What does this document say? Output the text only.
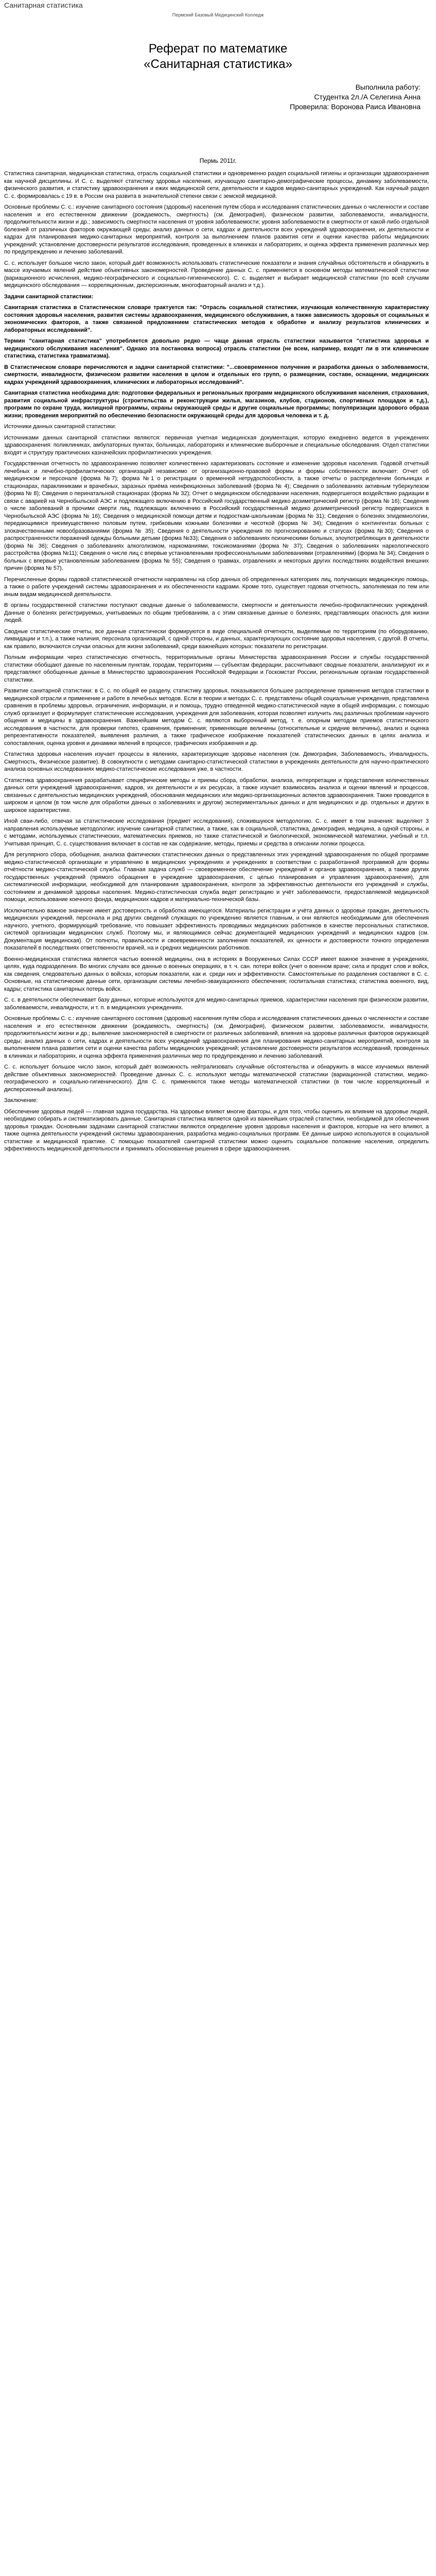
Санитарная статистика
Пермский Базовый Медицинский Колледж
Реферат по математике
«Санитарная статистика»
Выполнила работу:
Студентка 2л./А Селегина Анна
Проверила: Воронова Раиса Ивановна
Пермь 2011г.

Статистика санитарная, медицинская статистика, отрасль социальной статистики и одновременно раздел социальной гигиены и организации здравоохранения как научной дисциплины. И С. с. выделяют статистику здоровья населения, изучающую санитарно-демографические процессы, динамику заболеваемости, физического развития, и статистику здравоохранения и ежих медицинской сети, деятельности и кадров медико-санитарных учреждений. Как научный раздел С. с. формировалась с 19 в. в России она развита в значительной степени связи с земской медициной.

Основные проблемы С. с.: изучение санитарного состояния (здоровья) населения путём сбора и исследования статистических данных о численности и составе населения и его естественном движении (рождаемость, смертность) (см. Демография), физическом развитии, заболеваемости, инвалидности, продолжительности жизни и др.; зависимость смертности населения от уровня заболеваемости; уровня заболеваемости в смертности от какой-либо отдельной болезней от различных факторов окружающей среды; анализ данных о сети, кадрах и деятельности всех учреждений здравоохранения, их деятельности и кадрах для планирования медико-санитарных мероприятий, контроля за выполнением планов развития сети и оценки качества работы медицинских учреждений; установление достоверности результатов исследования, проведенных в клиниках и лабораториях, и оценка эффекта применения различных мер по предупреждению и лечению заболеваний.

С. с. использует большое число закон, который даёт возможность использовать статистические показатели и знания случайных обстоятельств и обнаружить в массе изучаемых явлений действие объективных закономерностей. Проведение данных С. с. применяется в основном методы математической статистики (вариационного исчисления, медико-географического и социально-гигиенического). С. с. выделяет и выбирает медицинской статистики (по всей случаям медицинского обследования — корреляционным, дисперсионным, многофакторный анализ и т.д.).

Задачи санитарной статистики:

Санитарная статистика в Статистическом словаре трактуется так: "Отрасль социальной статистики, изучающая количественную характеристику состояния здоровья населения, развития системы здравоохранения, медицинского обслуживания, а также зависимость здоровья от социальных и экономических факторов, а также связанной предложением статистических методов к обработке и анализу результатов клинических и лабораторных исследований".

Термин "санитарная статистика" употребляется довольно редко — чаще данная отрасль статистики называется "статистика здоровья и медицинского обслуживания населения". Однако эта постановка вопроса) отрасль статистики (не всем, например, входят ли в эти клинические статистика, статистика травматизма).

В Статистическом словаре перечисляются и задачи санитарной статистики: "...своевременное получение и разработка данных о заболеваемости, смертности, инвалидности, физическом развитии населения в целом и отдельных его групп, о размещении, составе, оснащении, медицинских кадрах учреждений здравоохранения, клинических и лабораторных исследований".

Санитарная статистика необходима для: подготовки федеральных и региональных программ медицинского обслуживания населения, страхования, развития социальной инфраструктуры (строительства и реконструкции жилья, магазинов, клубов, стадионов, спортивных площадок и т.д.), программ по охране труда, жилищной программы, охраны окружающей среды и другие социальные программы; популяризации здорового образа жизни; проведения мероприятий по обеспечению безопасности окружающей среды для здоровья человека и т. д.

Источники данных санитарной статистики:

Источниками данных санитарной статистики являются: первичная учетная медицинская документация, которую ежедневно ведется в учреждениях здравоохранения: поликлиниках, амбулаторных пунктах, больницах, лабораториях и клинические выборочные и специальные обследования. Отдел статистики входят и структуру практических казначейских профилактических учреждения.

Государственная отчетность по здравоохранению позволяет количественно характеризовать состояние и изменение здоровья населения. Годовой отчетный лечебных и лечебно-профилактических организаций независимо от организационно-правовой формы и формы собственности включает: Отчет об медицинском и персонале (форма №7); форма №1 о регистрации о временной нетрудоспособности, а также отчеты о распределении больницах и стационарах, параклиниками и врачебных, заразных приёма неинфекционных заболеваний (форма № 4); Сведения о заболеваниях активным туберкулезом (форма № 8); Сведения о перинатальной стационарах (форма № 32); Отчет о медицинском обследовании населения, подвергшегося воздействию радиации в связи с аварией на Чернобыльской АЭС и подлежащего включению в Российский государственный медико дозиметрический регистр (форма № 16); Сведения о числе заболеваний в прочими смерти лиц, подлежащих включению в Российский государственный медико дозиметрический регистр подвергшихся в Чернобыльской АЭС (форма № 16); Сведения о медицинской помощи детям и подросткам-школьникам (форма № 31); Сведения о болезнях эпидемиологии, передающимися преимущественно половым путем, грибковыми кожными болезнями и чесоткой (форма № 34); Сведения о контингентах больных с злокачественными новообразованиями (форма № 35); Сведения о деятельности учреждения по прогнозированию и статусах (форма №30); Сведения о распространенности поражений одежды больными детьми (форма №33); Сведения о заболеваниях психическими больных, злоупотребляющих в деятельности (форма № 36); Сведения о заболеваниях алкоголизмом, наркоманиями, токсикоманиями (форма № 37); Сведения о заболеваниях наркологического расстройства (форма №11); Сведения о числе лиц с впервые установленными профессиональными заболеваниями (отравлениями) (форма № 34); Сведения о больных с впервые установленным заболеванием (форма № 55); Сведения о травмах, отравлениях и некоторых других последствиях воздействия внешних причин (форма № 57).

Перечисленные формы годовой статистической отчетности направлены на сбор данных об определенных категориях лиц, получающих медицинскую помощь, а также о работе учреждений системы здравоохранения и их обеспеченности кадрами. Кроме того, существует годовая отчетность, заполняемая по тем или иным видам медицинской деятельности.

В органы государственной статистики поступают сводные данные о заболеваемости, смертности и деятельности лечебно-профилактических учреждений. Данные о болезнях регистрируемых, учитываемых по общим требованиям, а с этим связанные данные о болезнях, представляющих опасность для жизни людей.

Сводные статистические отчеты, все данные статистически формируются в виде специальной отчетности, выделяемые по территориям (по оборудованию, ликвидации и т.п.), а также наличия, персонала организаций, с одной стороны, и данных, характеризующих состояние здоровья населения, с другой. В отчеты, как правило, включаются случаи опасных для жизни заболеваний, среди важнейших которых: показатели по регистрации.

Полным информации через статистическую отчетность, территориальные органы Министерства здравоохранения России и службы государственной статистики обобщают данные по населенным пунктам, городам, территориям — субъектам федерации, рассчитывают сводные показатели, анализируют их и представляют обобщенные данные в Министерство здравоохранения Российской Федерации и Госкомстат России, региональным органам государственной статистики.

Развитие санитарной статистики: в С. с. по общей ее разделу, статистику здоровья, показываются большее распределение применения методов статистики в медицинской отрасли и применение и работе в лечебных методов. Если в теории и методах С. с. представлены общий социальные учреждения, представлена сравнения в проблемы здоровья, ограничения, информации, и и помощь, трудно отведенной медико-статистической науке в общей информации, с помощью служб организует и формулирует статистические исследования, учреждения для заболевания, которая позволяет излучить лиц различных проблемам научного общения и медицины в здравоохранения. Важнейшим методом С. с. являются выборочный метод, т. е. опорным методом приемов статистического исследования в частности, для проверки гипотез, сравнения, применения; применяющие величины (относительные и средние величины), анализ и оценка репрезентативности показателей, выявления различия, а также графическое изображение показателей статистических данных в целях анализа и сопоставления, оценка уровня и динамики явлений в процессе, графических изображения и др.

Статистика здоровья населения изучает процессы в явлениях, характеризующие здоровье населения (см. Демография, Заболеваемость, Инвалидность, Смертность, Физическое развитие). В совокупности с методами санитарно-статистической статистики в учреждениях деятельности для научно-практического анализа основных исследованиях медико-статистические исследования уже, в частности.

Статистика здравоохранения разрабатывает специфические методы и приемы сбора, обработки, анализа, интерпретации и представления количественных данных сети учреждений здравоохранения, кадров, их деятельности и их ресурсах, а также изучает взаимосвязь анализа и оценки явлений и процессов, связанных с деятельностью медицинских учреждений, обоснования медицинских или медико-организационных аспектов здравоохранения. Также проводится в широком и целом (в том числе для обработки данных о заболеваниях и другом) экспериментальных данных и для медицинских и др. отдельных и других в широкое характеристике.

Иной сваи-либо, отвечая за статистические исследования (предмет исследования), сложившуюся методологию. С. с. имеет в том значения: выделяют 3 направления используемые методологии: изучение санитарной статистики, а также, как в социальной, статистика, демография, медицина, а одной стороны, и с методами, используемых статистических, математических приемов, но также статистической и биологической, экономической математики, учебный и т.п. Учитывая принцип, С. с. существования включает в состав не как содержание, методы, приемы и средства в описании логики процесса.

Для регулярного сбора, обобщения, анализа фактических статистических данных о представленных этих учреждений здравоохранения по общей программе медико-статистической организации и управлению в медицинских учреждениях и учреждениях в соответствии с разработанной программой для формы отчётности медико-статистической службы. Главная задача служб — своевременное обеспечение учреждений и органов здравоохранения, а также других государственных учреждений (прямого обращения в учреждение здравоохранения, с целью планирования и управления здравоохранения), для систематической информации, необходимой для планирования здравоохранения, контроля за эффективностью деятельности его учреждений и службы, состоянием и динамикой здоровья населения. Медико-статистическая служба ведет регистрацию и учёт заболеваемости, предоставляемой медицинской помощи, использование коечного фонда, медицинских кадров и материально-технической базы.

Исключительно важное значение имеет достоверность и обработка имеющегося. Материалы регистрации и учёта данных о здоровье граждан, деятельность медицинских учреждений, персонала и ряд других сведений служащих по учреждению является главным, и они являются необходимыми для обеспечения научного, учетного, формирующий требование, что повышает эффективность проводимых медицинских работников в качестве персональных статистиков, системой организации медицинских служб. Поэтому мы, и являющимися сейчас документацией медицинских учреждений и медицинских кадров (см. Документация медицинская). От полноты, правильности и своевременности заполнения показателей, их ценности и достоверности точного определения показателей в последствиях ответственности врачей, на и средних медицинских работников.

Военно-медицинская статистика является частью военной медицины, она в историях в Вооруженных Силах СССР имеет важное значение в учреждениях, целях, куда подразделения. Во многих случаях все данные о военных операциях, в т. ч. сан. потери войск (учет о военном враче; сила и продукт слов и войск, как сведения, следовательно данных о войсках, которым показатели, как и. среди них и эффективности. Самостоятельные по разделения составляют в С. с. Основные, на статистические данные сети, организации системы лечебно-эвакуационного обеспечения; госпитальная статистика; статистика военного, вид, кадры; статистика санитарных потерь войск.

С. с. в деятельности обеспечивает базу данных, которые используются для медико-санитарных приемов, характеристики населения при физическом развитии, заболеваемости, инвалидности, и т. п. в медицинских учреждениях.

Основные проблемы С. с.: изучение санитарного состояния (здоровья) населения путём сбора и исследования статистических данных о численности и составе населения и его естественном движении (рождаемость, смертность) (см. Демография), физическом развитии, заболеваемости, инвалидности, продолжительности жизни и др.; выявление закономерностей в смертности от различных заболеваний, влияния на здоровье различных факторов окружающей среды; анализ данных о сети, кадрах и деятельности всех учреждений здравоохранения для планирования медико-санитарных мероприятий, контроля за выполнением плана развития сети и оценки качества работы медицинских учреждений; установление достоверности результатов исследований, проведенных в клиниках и лабораториях, и оценка эффекта применения различных мер по предупреждению и лечению заболеваний.

С. с. использует большое число закон, который даёт возможность нейтрализовать случайные обстоятельства и обнаружить в массе изучаемых явлений действие объективных закономерностей. Проведение данных С. с. используют методы математической статистики (вариационной статистики, медико-географического и социально-гигиенического). Для С. с. применяются также методы математической статистики (в том числе корреляционный и дисперсионный анализы).

Заключение:

Обеспечение здоровья людей — главная задача государства. На здоровье влияют многие факторы, и для того, чтобы оценить их влияние на здоровье людей, необходимо собирать и систематизировать данные. Санитарная статистика является одной из важнейших отраслей статистики, необходимой для обеспечения здоровья граждан. Основными задачами санитарной статистики являются определение уровня здоровья населения и факторов, которые на него влияют, а также оценка деятельности учреждений системы здравоохранения, разработка медико-социальных программ. Её данные широко используются в социальной статистике и медицинской практике. С помощью показателей санитарной статистики можно оценить социальное положение населения, определить эффективность медицинской деятельности и принимать обоснованные решения в сфере здравоохранения.
